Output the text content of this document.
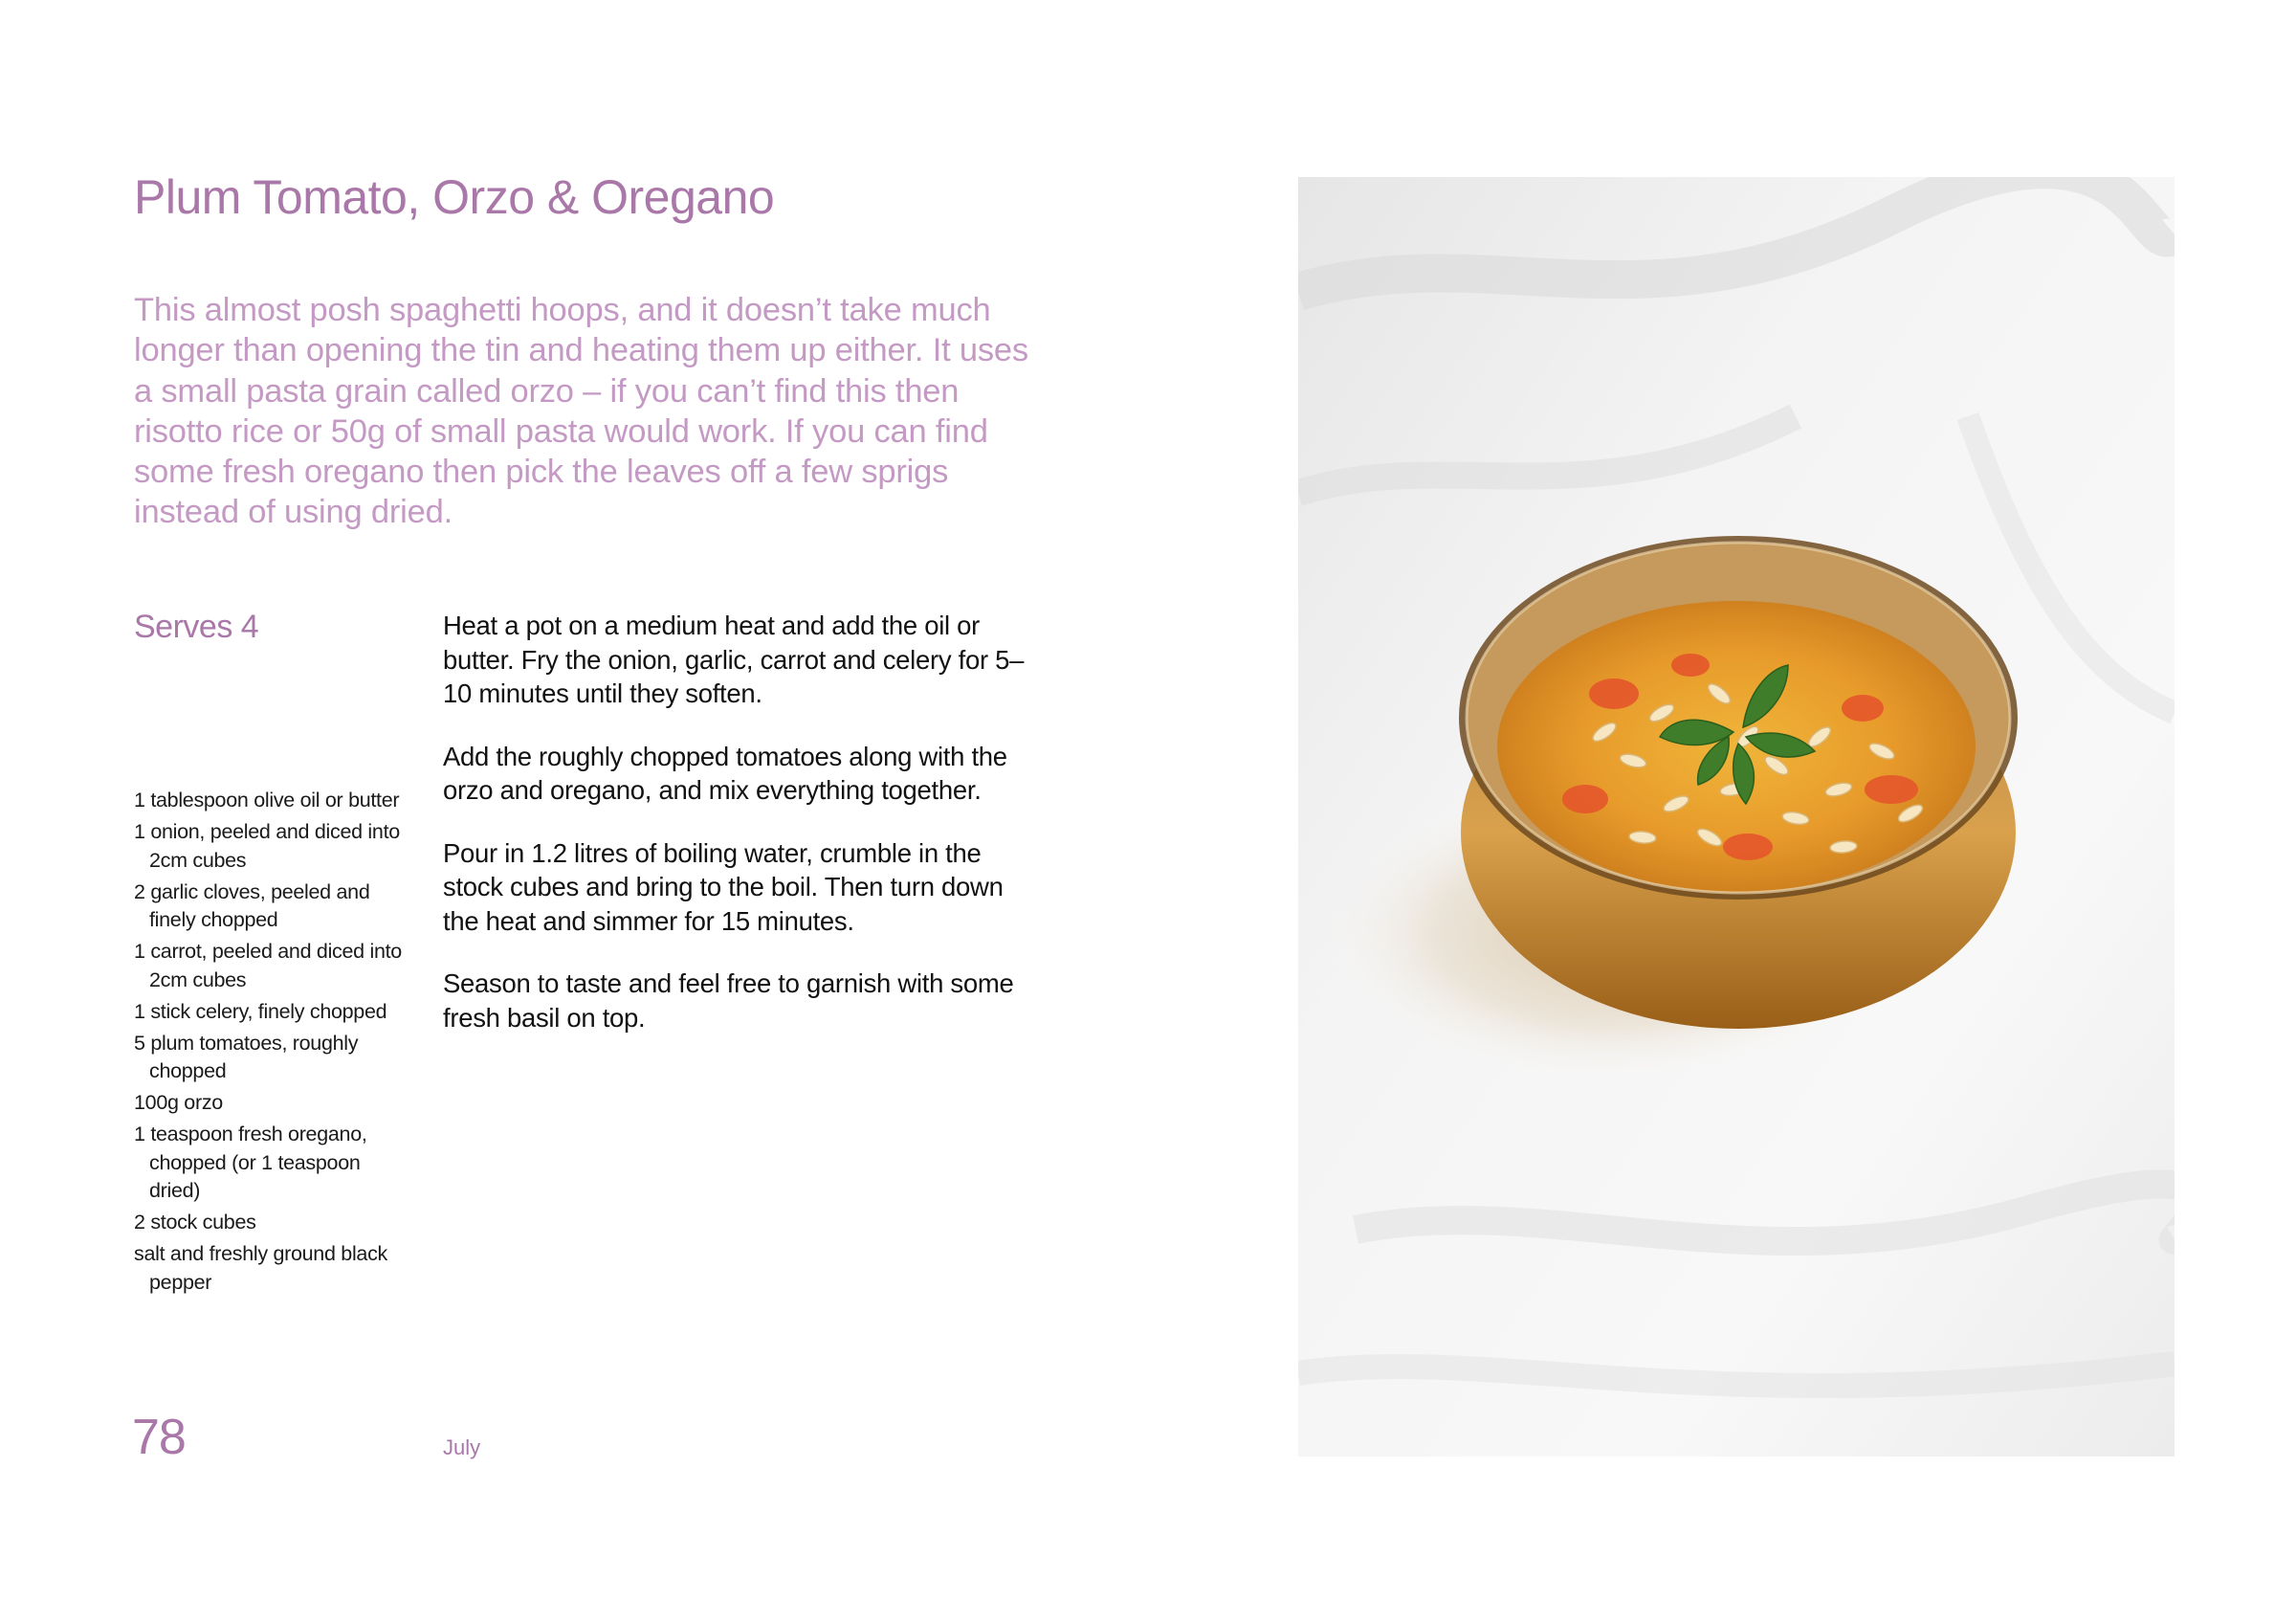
Plum Tomato, Orzo & Oregano

This almost posh spaghetti hoops, and it doesn’t take much longer than opening the tin and heating them up either. It uses a small pasta grain called orzo – if you can’t find this then risotto rice or 50g of small pasta would work. If you can find some fresh oregano then pick the leaves off a few sprigs instead of using dried.

Serves 4

1 tablespoon olive oil or butter
1 onion, peeled and diced into 2cm cubes
2 garlic cloves, peeled and finely chopped
1 carrot, peeled and diced into 2cm cubes
1 stick celery, finely chopped
5 plum tomatoes, roughly chopped
100g orzo
1 teaspoon fresh oregano, chopped (or 1 teaspoon dried)
2 stock cubes
salt and freshly ground black pepper

Heat a pot on a medium heat and add the oil or butter. Fry the onion, garlic, carrot and celery for 5–10 minutes until they soften.

Add the roughly chopped tomatoes along with the orzo and oregano, and mix everything together.

Pour in 1.2 litres of boiling water, crumble in the stock cubes and bring to the boil. Then turn down the heat and simmer for 15 minutes.

Season to taste and feel free to garnish with some fresh basil on top.

78	July
